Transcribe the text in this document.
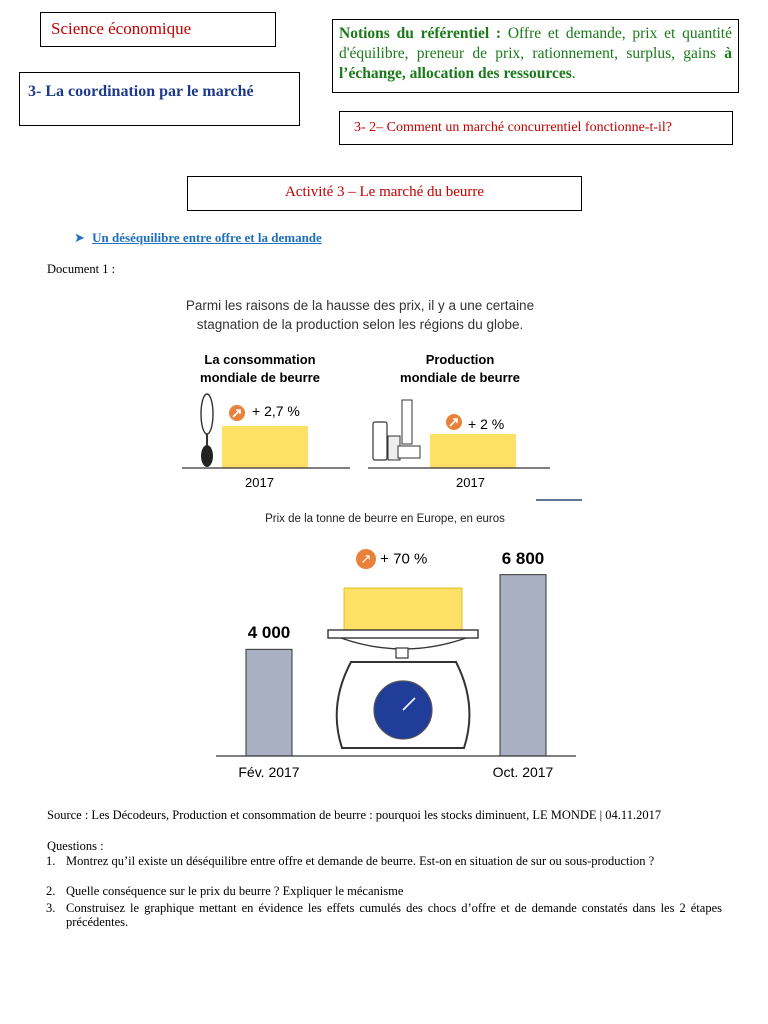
Science économique	Notions du référentiel : Offre et demande, prix et quantité d'équilibre, preneur de prix, rationnement, surplus, gains à l’échange, allocation des ressources.
3- La coordination par le marché
3- 2– Comment un marché concurrentiel fonctionne-t-il?
Activité 3 – Le marché du beurre
➤ Un déséquilibre entre offre et la demande
Document 1 :
Parmi les raisons de la hausse des prix, il y a une certaine
stagnation de la production selon les régions du globe.
La consommation
mondiale de beurre
Production
mondiale de beurre
+ 2,7 %
2017
+ 2 %
2017
Prix de la tonne de beurre en Europe, en euros
↗ + 70 %
4 000
Fév. 2017
6 800
Oct. 2017
Source : Les Décodeurs, Production et consommation de beurre : pourquoi les stocks diminuent, LE MONDE | 04.11.2017
Questions :
1. Montrez qu’il existe un déséquilibre entre offre et demande de beurre. Est-on en situation de sur ou sous-production ?
2. Quelle conséquence sur le prix du beurre ? Expliquer le mécanisme
3. Construisez le graphique mettant en évidence les effets cumulés des chocs d’offre et de demande constatés dans les 2 étapes précédentes.
